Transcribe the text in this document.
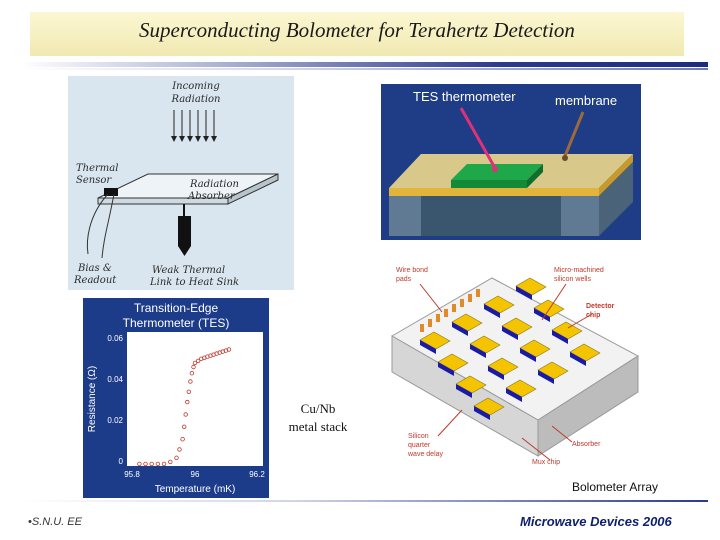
Superconducting Bolometer for Terahertz Detection
Incoming
Radiation
Thermal
Sensor	Radiation
Absorber
Bias &
Readout
Weak Thermal
Link to Heat Sink
TES thermometer	membrane
Transition-Edge
Thermometer (TES)
0.06
0.04
0.02
0
95.8	96	96.2
Temperature (mK)
Resistance (Ω)
Wire bond
pads
Micro-machined
silicon wells
Detector
chip
Silicon
quarter
wave delay
Absorber
Mux chip
Cu/Nb
metal stack
Bolometer Array
•S.N.U. EE	Microwave Devices 2006
